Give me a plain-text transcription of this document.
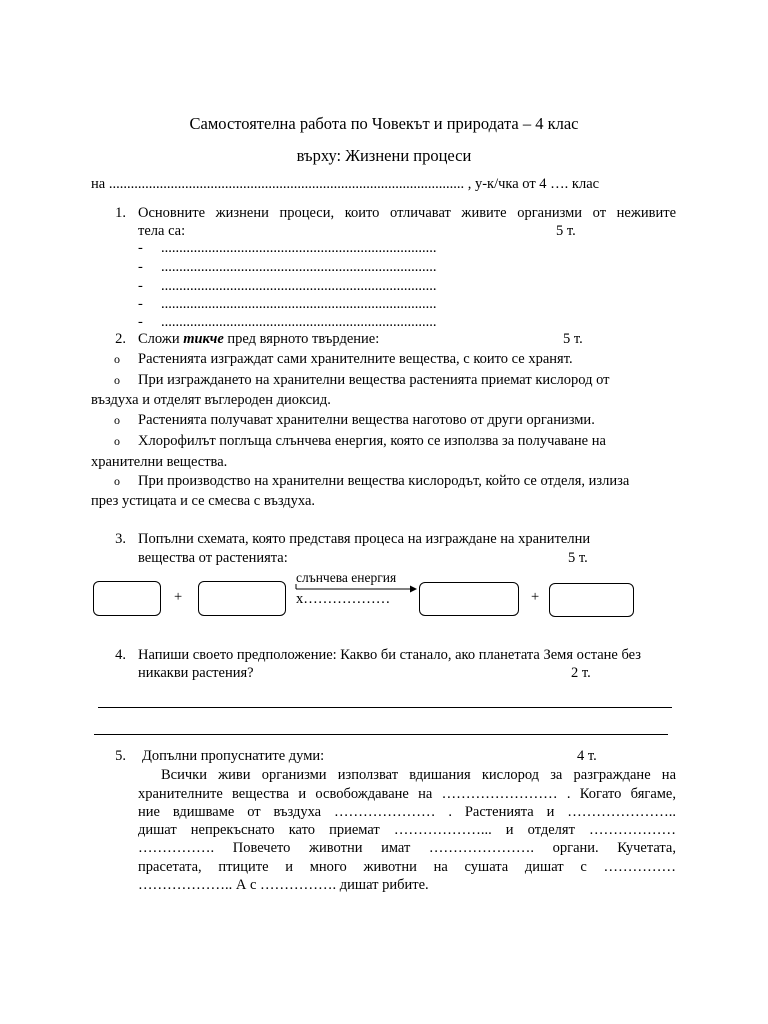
Самостоятелна работа по Човекът и природата – 4 клас
върху: Жизнени процеси
на .................................................................................................. , у-к/чка от 4 …. клас
1. Основните жизнени процеси, които отличават живите организми от неживите
тела са:	5 т.
- ............................................................................
- ............................................................................
- ............................................................................
- ............................................................................
- ............................................................................
2. Сложи тикче пред вярното твърдение:	5 т.
o Растенията изграждат сами хранителните вещества, с които се хранят.
o При изграждането на хранителни вещества растенията приемат кислород от
въздуха и отделят въглероден диоксид.
o Растенията получават хранителни вещества наготово от други организми.
o Хлорофилът поглъща слънчева енергия, която се използва за получаване на
хранителни вещества.
o При производство на хранителни вещества кислородът, който се отделя, излиза
през устицата и се смесва с въздуха.
3. Попълни схемата, която представя процеса на изграждане на хранителни
вещества от растенията:	5 т.
+
слънчева енергия
х………………	+
4. Напиши своето предположение: Какво би станало, ако планетата Земя остане без
никакви растения?	2 т.
5. Допълни пропуснатите думи:	4 т.
Всички живи организми използват вдишания кислород за разграждане на
хранителните вещества и освобождаване на …………………… . Когато бягаме,
ние вдишваме от въздуха ………………… . Растенията и …………………..
дишат непрекъснато като приемат ………………... и отделят ………………
……………. Повечето животни имат …………………. органи. Кучетата,
прасетата, птиците и много животни на сушата дишат с ……………
……………….. А с ……………. дишат рибите.
